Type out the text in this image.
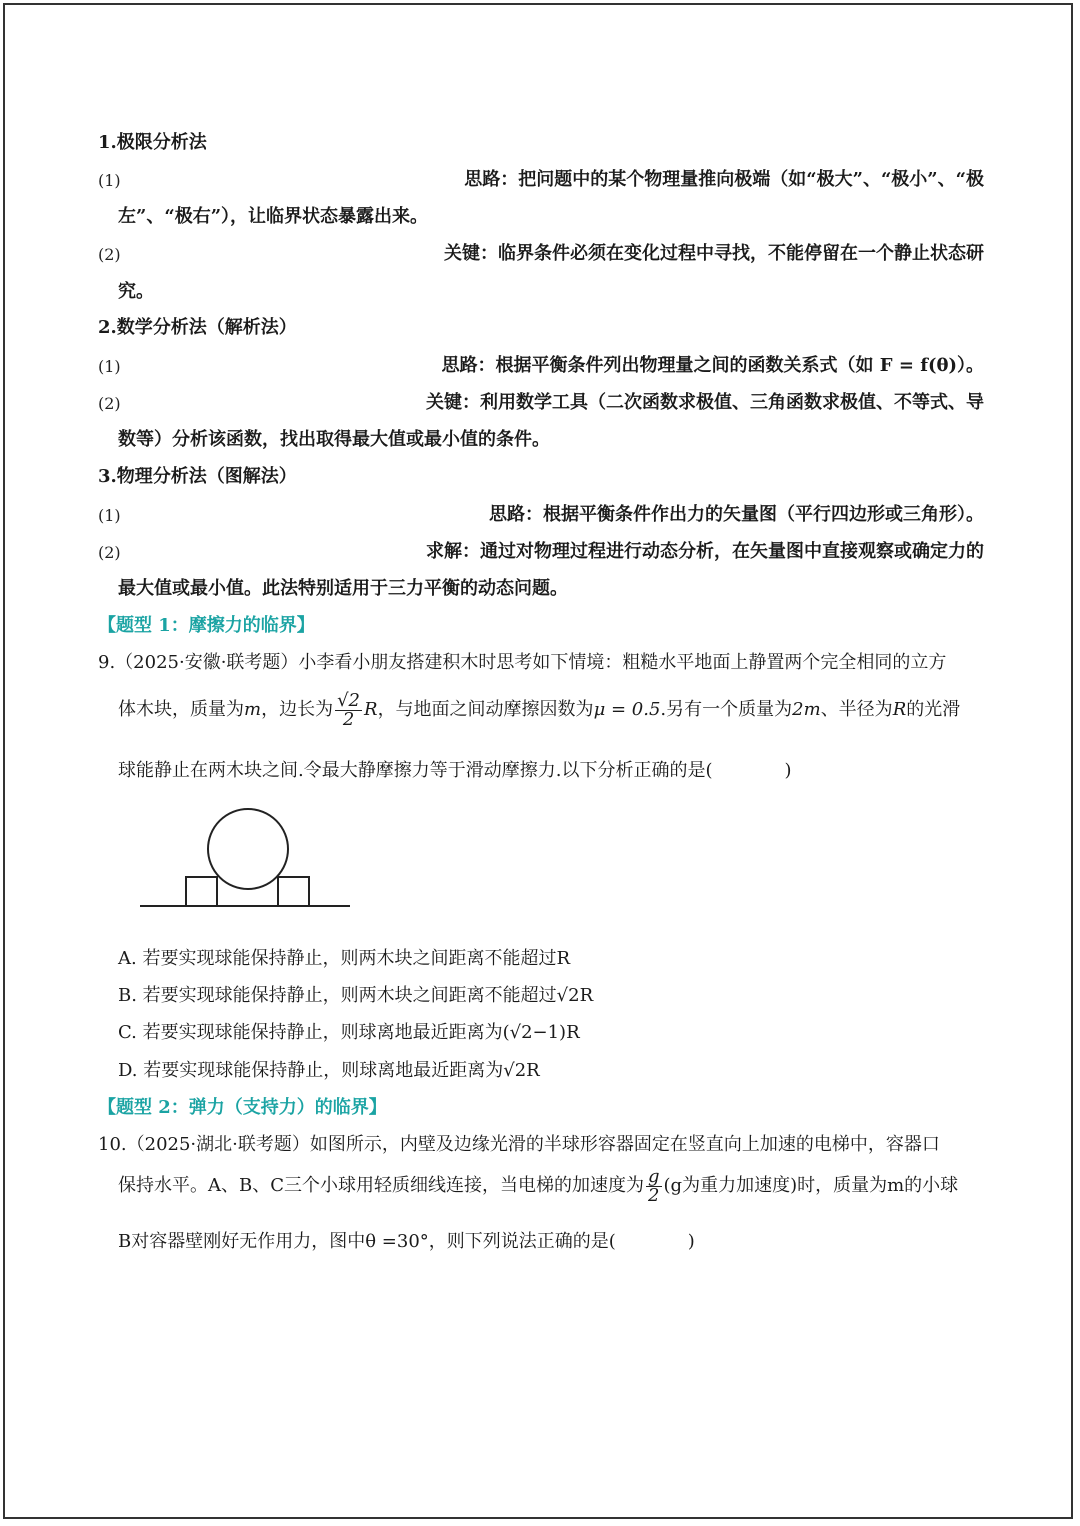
1.极限分析法
(1)	思路：把问题中的某个物理量推向极端（如“极大”、“极小”、“极
左”、“极右”），让临界状态暴露出来。
(2)	关键：临界条件必须在变化过程中寻找，不能停留在一个静止状态研
究。
2.数学分析法（解析法）
(1)	思路：根据平衡条件列出物理量之间的函数关系式（如 F = f(θ)）。
(2)	关键：利用数学工具（二次函数求极值、三角函数求极值、不等式、导
数等）分析该函数，找出取得最大值或最小值的条件。
3.物理分析法（图解法）
(1)	思路：根据平衡条件作出力的矢量图（平行四边形或三角形）。
(2)	求解：通过对物理过程进行动态分析，在矢量图中直接观察或确定力的
最大值或最小值。此法特别适用于三力平衡的动态问题。
【题型 1：摩擦力的临界】
9.（2025·安徽·联考题）小李看小朋友搭建积木时思考如下情境：粗糙水平地面上静置两个完全相同的立方
体木块，质量为m，边长为 $\frac{√2}{2}$ R，与地面之间动摩擦因数为μ = 0.5.另有一个质量为2m、半径为R的光滑
球能静止在两木块之间.令最大静摩擦力等于滑动摩擦力.以下分析正确的是(　　　　)
A. 若要实现球能保持静止，则两木块之间距离不能超过R
B. 若要实现球能保持静止，则两木块之间距离不能超过√2R
C. 若要实现球能保持静止，则球离地最近距离为(√2−1)R
D. 若要实现球能保持静止，则球离地最近距离为√2R
【题型 2：弹力（支持力）的临界】
10.（2025·湖北·联考题）如图所示，内壁及边缘光滑的半球形容器固定在竖直向上加速的电梯中，容器口
保持水平。A、B、C三个小球用轻质细线连接，当电梯的加速度为 $\frac{g}{2} (g$为重力加速度)时，质量为m的小球
B对容器壁刚好无作用力，图中θ =30°，则下列说法正确的是(　　　　)
